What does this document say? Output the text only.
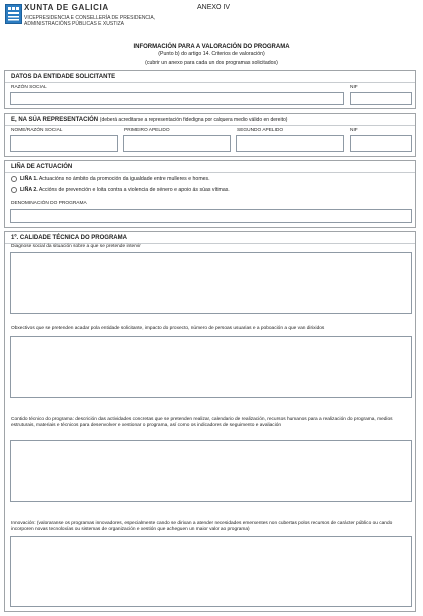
XUNTA DE GALICIA
VICEPRESIDENCIA E CONSELLERÍA DE PRESIDENCIA,
ADMINISTRACIÓNS PÚBLICAS E XUSTIZA
ANEXO IV
INFORMACIÓN PARA A VALORACIÓN DO PROGRAMA
(Punto b) do artigo 14. Criterios de valoración)
(cubrir un anexo para cada un dos programas solicitados)
DATOS DA ENTIDADE SOLICITANTE
RAZÓN SOCIAL	NIF
E, NA SÚA REPRESENTACIÓN (deberá acreditarse a representación fidedigna por calquera medio válido en dereito)
NOME/RAZÓN SOCIAL	PRIMEIRO APELIDO	SEGUNDO APELIDO	NIF
LIÑA DE ACTUACIÓN
LIÑA 1. Actuacións no ámbito da promoción da igualdade entre mulleres e homes.
LIÑA 2. Accións de prevención e loita contra a violencia de xénero e apoio ás súas vítimas.
DENOMINACIÓN DO PROGRAMA
1º. CALIDADE TÉCNICA DO PROGRAMA
Diagnose social da situación sobre a que se pretende intervir
Obxectivos que se pretenden acadar pola entidade solicitante, impacto do proxecto, número de persoas usuarias e a poboación a que van dirixidos
Contido técnico do programa: descrición das actividades concretas que se pretenden realizar, calendario de realización, recursos humanos para a realización do programa, medios estruturais, materiais e técnicos para desenvolver e xestionar o programa, así como os indicadores de seguimento e avaliación
Innovación: (valoraranse os programas innovadores, especialmente cando se dirixan a atender necesidades emerxentes non cubertas polos recursos de carácter público ou cando incorporen novas tecnoloxías ou sistemas de organización e xestión que acheguen un maior valor ao programa)
